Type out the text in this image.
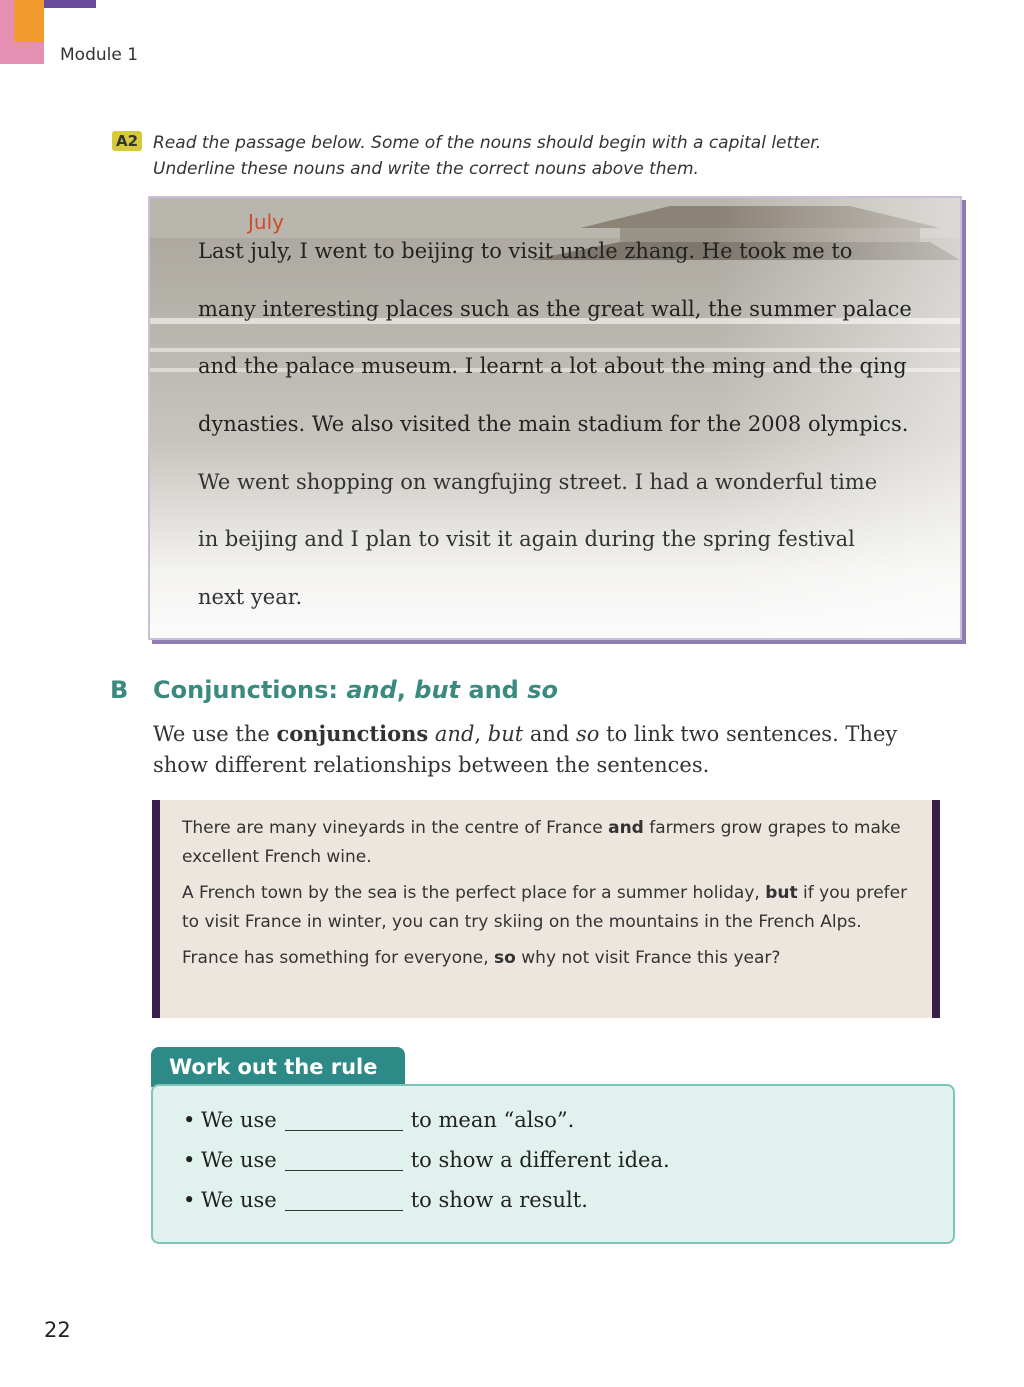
Module 1
A2 Read the passage below. Some of the nouns should begin with a capital letter.
Underline these nouns and write the correct nouns above them.
July
Last july, I went to beijing to visit uncle zhang. He took me to
many interesting places such as the great wall, the summer palace
and the palace museum. I learnt a lot about the ming and the qing
dynasties. We also visited the main stadium for the 2008 olympics.
We went shopping on wangfujing street. I had a wonderful time
in beijing and I plan to visit it again during the spring festival
next year.
B Conjunctions: and, but and so
We use the conjunctions and, but and so to link two sentences. They show different relationships between the sentences.

There are many vineyards in the centre of France and farmers grow grapes to make excellent French wine.

A French town by the sea is the perfect place for a summer holiday, but if you prefer to visit France in winter, you can try skiing on the mountains in the French Alps.

France has something for everyone, so why not visit France this year?

Work out the rule
• We use	to mean “also”.
• We use	to show a different idea.
• We use	to show a result.
22
